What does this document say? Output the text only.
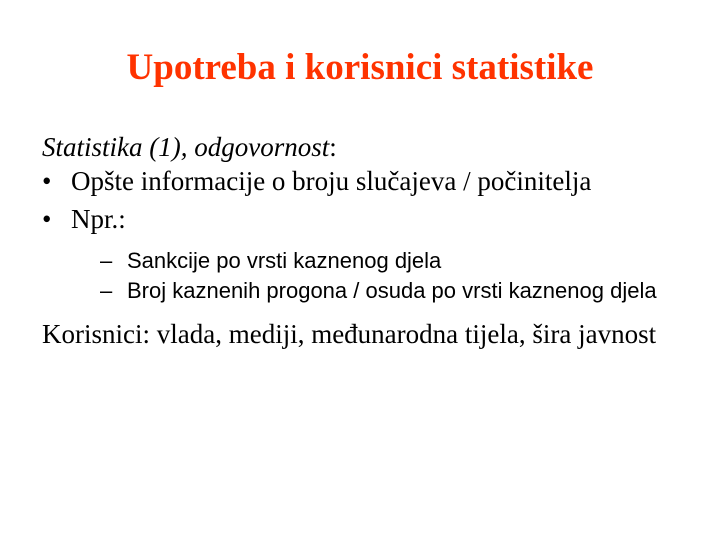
Upotreba i korisnici statistike

Statistika (1), odgovornost:

• Opšte informacije o broju slučajeva / počinitelja
• Npr.:
– Sankcije po vrsti kaznenog djela
– Broj kaznenih progona / osuda po vrsti kaznenog djela

Korisnici: vlada, mediji, međunarodna tijela, šira javnost
